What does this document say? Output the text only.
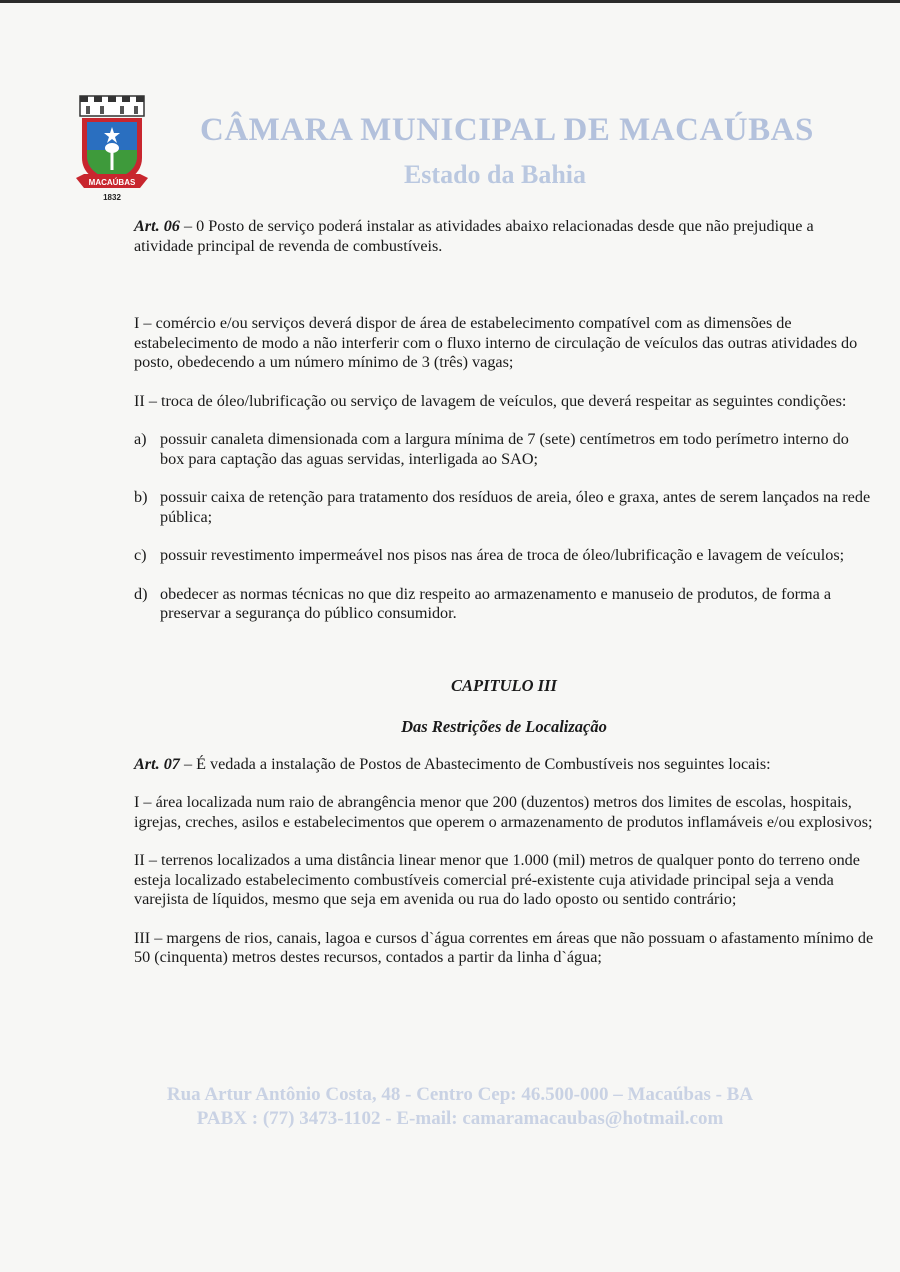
MACAÚBAS
1832
CÂMARA MUNICIPAL DE MACAÚBAS
Estado da Bahia

Art. 06 – 0 Posto de serviço poderá instalar as atividades abaixo relacionadas desde que não prejudique a atividade principal de revenda de combustíveis.

I – comércio e/ou serviços deverá dispor de área de estabelecimento compatível com as dimensões de estabelecimento de modo a não interferir com o fluxo interno de circulação de veículos das outras atividades do posto, obedecendo a um número mínimo de 3 (três) vagas;

II – troca de óleo/lubrificação ou serviço de lavagem de veículos, que deverá respeitar as seguintes condições:

a) possuir canaleta dimensionada com a largura mínima de 7 (sete) centímetros em todo perímetro interno do box para captação das aguas servidas, interligada ao SAO;
b) possuir caixa de retenção para tratamento dos resíduos de areia, óleo e graxa, antes de serem lançados na rede pública;
c) possuir revestimento impermeável nos pisos nas área de troca de óleo/lubrificação e lavagem de veículos;
d) obedecer as normas técnicas no que diz respeito ao armazenamento e manuseio de produtos, de forma a preservar a segurança do público consumidor.
CAPITULO III
Das Restrições de Localização

Art. 07 – É vedada a instalação de Postos de Abastecimento de Combustíveis nos seguintes locais:

I – área localizada num raio de abrangência menor que 200 (duzentos) metros dos limites de escolas, hospitais, igrejas, creches, asilos e estabelecimentos que operem o armazenamento de produtos inflamáveis e/ou explosivos;

II – terrenos localizados a uma distância linear menor que 1.000 (mil) metros de qualquer ponto do terreno onde esteja localizado estabelecimento combustíveis comercial pré-existente cuja atividade principal seja a venda varejista de líquidos, mesmo que seja em avenida ou rua do lado oposto ou sentido contrário;

III – margens de rios, canais, lagoa e cursos d`água correntes em áreas que não possuam o afastamento mínimo de 50 (cinquenta) metros destes recursos, contados a partir da linha d`água;

Rua Artur Antônio Costa, 48 - Centro Cep: 46.500-000 – Macaúbas - BA
PABX : (77) 3473-1102 - E-mail: camaramacaubas@hotmail.com
